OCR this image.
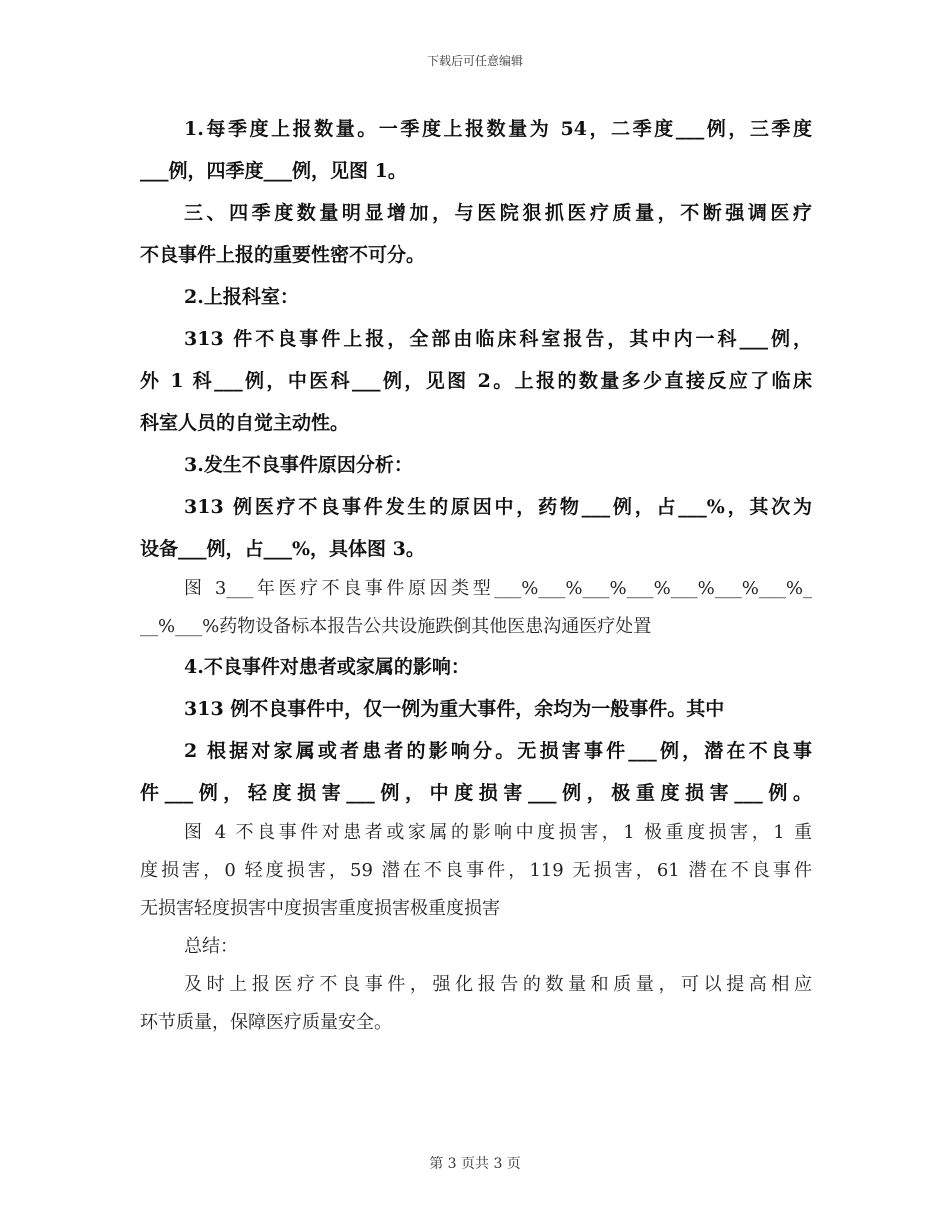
下载后可任意编辑
1.每季度上报数量。一季度上报数量为 54，二季度___例，三季度
___例，四季度___例，见图 1。
三、四季度数量明显增加，与医院狠抓医疗质量，不断强调医疗
不良事件上报的重要性密不可分。
2.上报科室：
313 件不良事件上报，全部由临床科室报告，其中内一科___例，
外 1 科___例，中医科___例，见图 2。上报的数量多少直接反应了临床
科室人员的自觉主动性。
3.发生不良事件原因分析：
313 例医疗不良事件发生的原因中，药物___例，占___%，其次为
设备___例，占___%，具体图 3。
图 3___年医疗不良事件原因类型___%___%___%___%___%___%___%_
__%___%药物设备标本报告公共设施跌倒其他医患沟通医疗处置
4.不良事件对患者或家属的影响：
313 例不良事件中，仅一例为重大事件，余均为一般事件。其中
2 根据对家属或者患者的影响分。无损害事件___例，潜在不良事
件___例，轻度损害___例，中度损害___例，极重度损害___例。
图 4 不良事件对患者或家属的影响中度损害，1 极重度损害，1 重
度损害，0 轻度损害，59 潜在不良事件，119 无损害，61 潜在不良事件
无损害轻度损害中度损害重度损害极重度损害
总结：
及时上报医疗不良事件，强化报告的数量和质量，可以提高相应
环节质量，保障医疗质量安全。
第 3 页共 3 页
